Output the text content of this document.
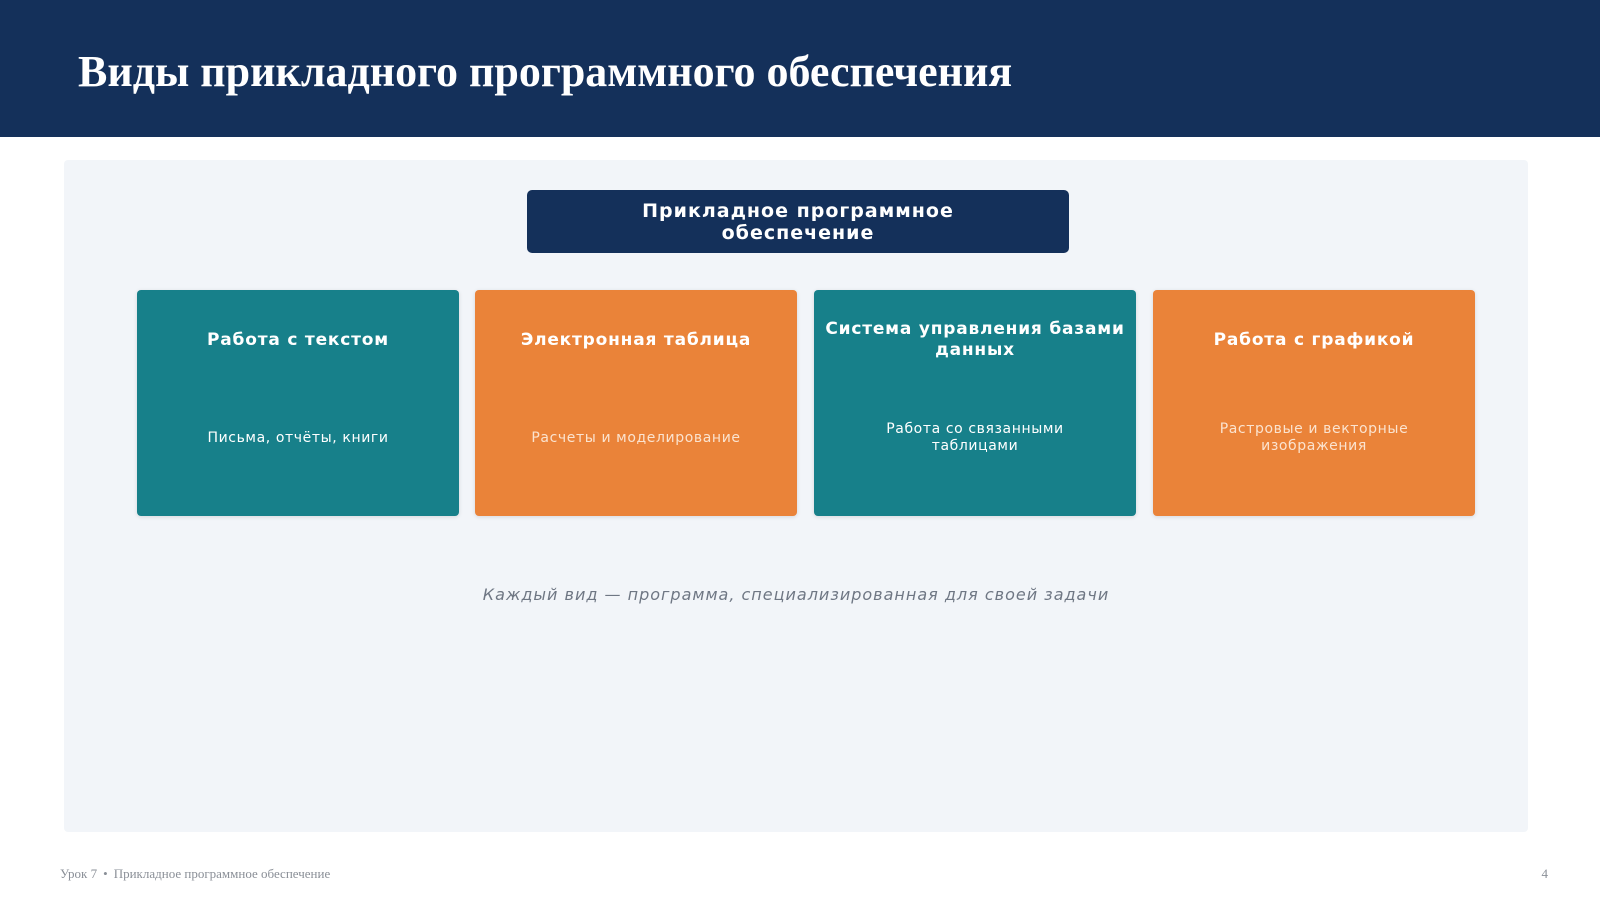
Виды прикладного программного обеспечения
Прикладное программное обеспечение
Работа с текстом
Письма, отчёты, книги
Электронная таблица
Расчеты и моделирование
Система управления базами данных
Работа со связанными таблицами
Работа с графикой
Растровые и векторные изображения
Каждый вид — программа, специализированная для своей задачи
Урок 7 • Прикладное программное обеспечение	4
